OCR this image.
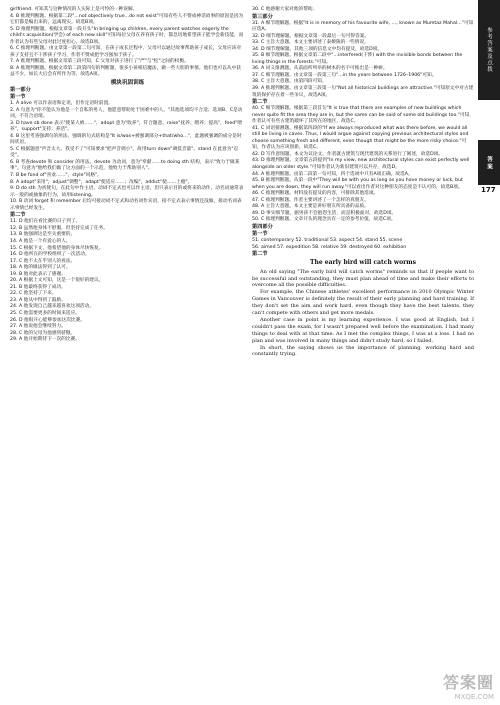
girlfriend. 可知其与这种情况的人实际上是可怜的一种误解。

4. B 推理判断题。根据第二段"...not objectively true...do not exist"可知有些人不赞成神话故事的原因是因为它们都是编出来的，远离现实。故选B项。

5. D 推理判断题。根据文章第一段开头"In bringing up children, every parent watches eagerly the child's acquisition(学会) of each new skill"可知每位父母在养育孩子时，都急切地希望孩子能学会新技能，而作者认为有些父母对此过度担心，故选D项。

6. C 推理判断题。由文章第一段第二句可知，在孩子成长过程中，父母可以通过故事帮助孩子成长，父母应该对孩子支持且不干涉孩子学习，作者不赞成把学习强加于孩子。

7. A 推理判断题。根据文章第三段可知，C 父母对孩子进行了"严"与"松"之间的权衡。

8. A 推理判断题。根据文章第二段第四句的判断题，很多小孩相信魔法，做一些大胆的事情。他们也可以从中获益不少，如长大后会有所作为等，故选A项。

模块巩固训练

第一部分

第一节

1. A alive 可以作表语和定语，但作定语时前置。

2. A 句意为"你不能认为他是一个自私的男人，他愿意帮助处于困难中的人。"其他选项均不合适；选项B、C是动词，不符合语境。

3. D have sb done 表示"使某人被……"。adopt 意为"收养"，符合题意。raise"抚养；喂养；提高"，feed"喂养"，support"支持；养活"。

4. B 这里考查强调句的用法，强调的句式结构是"It is/was+被强调部分+that/who…"，此题被强调的成分是时间状语。

5. C 根据题意"声音太大，我受不了"可知要求"把声音调小"，故用turn down"调低音量"。stand 在此意为"忍受"。

6. B 考查devote 和 consider 的用法。devote 为动词，意为"奉献……to doing sth 结构，表示"致力于做某事"。句意为"他给我们做了这方面的一个示范，他致力于帮助别人"。

7. B be fond of"喜欢……"，style"风格"。

8. A adopt"采用"，adjust"调整"，adapt"使适应……；改编"，addict"使……上瘾"。

9. D do sth 为祈使句，在此句中作主语，动词不定式也可以作主语，但只表示目的或将来的动作，动名词通常表示一般的或抽象的行为，故用listening。

10. B 动词 forget 和 remember 后均可接动词不定式和动名词作宾语，接不定式表示事情还没做，接动名词表示事情已经发生。

第二节

11. D 他们在看比赛的日子到了。

12. B 虽然他身体不舒服，但坚持完成了任务。

13. B 他强调这是至关重要的。

14. A 他是一个有爱心的人。

15. C 根据下文，他希望他的身体尽快恢复。

16. D 他所在的学校组织了一次活动。

17. C 他不太在乎别人的看法。

18. A 他的做法得到了认可。

19. B 他对此表示了感谢。

20. A 根据上文可知，这是一个很好的建议。

21. B 他最终获得了成功。

22. C 他坚持了下来。

23. A 他从中得到了鼓励。

24. A 他发现自己越来越喜欢这项活动。

25. C 他需要更多的时间来适应。

26. D 他很开心能够参加这次比赛。

27. A 他说他会继续努力。

28. C 他的父母为他感到骄傲。

29. A 他开始期待下一次的比赛。

30. C 他感谢大家对他的帮助。

第三部分

31. A 细节理解题。根据"It is in memory of his favourite wife, …, known as Mumtaz Mahal…"可知应选A。

32. D 细节理解题。根据文章第一段最后一句可得答案。

33. C 主旨大意题。本文主要讲述了泰姬陵的一些情况。

34. D 细节理解题。其他三项的信息文中均有提及，故选D项。

35. B 细节理解题。根据文章第二段中"…interfered(干涉) with the invisible bonds between the living things in the forests."可知。

36. A 词义推测题。从前面所列举的树木的名字可推出是一种树。

37. C 细节理解题。由文章第一段第三句"…in the years between 1726–1906"可知。

38. C 主旨大意题。由第四段可知。

39. A 推理判断题。由文章第三段第一句"Not all historical buildings are attractive."可知原文中对古建筑的保护存在着一些争议，故选A项。

第二节

40. C 细节理解题。根据第三段首句"It is true that there are examples of new buildings which never quite fit the area they are in, but the same can be said of some old buildings too."可知，作者认可有些古建筑破坏了其所在的地区，故选C。

41. C 词语猜测题。根据第四段的"If we always reproduced what was there before, we would all still be living in caves. Thus, I would argue against copying previous architectural styles and choose something fresh and different, even though that might be the more risky choice."可知，作者认为应该创新，故选C。

42. D 写作意图题。本文为议论文，作者就古建筑与现代建筑的关系进行了阐述，故选D项。

43. D 推理判断题。文章第五段提到"In my view, new architectural styles can exist perfectly well alongside an older style."可知作者认为新旧建筑可以共存，故选D。

44. A 推理判断题。由第二段第一句可知，四个选项中只有A项正确，故选A。

45. B 推理判断题。从第一段中"They will be with you as long as you have money or luck, but when you are down, they will run away."可以看出作者对这种朋友的态度是不认可的，故选B项。

46. C 推理判断题。材料没有提及的内容，可排除其他选项。

47. C 推理判断题。作者主要讲述了一个怎样的真朋友。

48. A 主旨大意题。本文主要是讲好朋友所具备的品质。

49. D 事实细节题。据男孩不会抱怨生活，而是积极面对，故选D项。

50. C 推理判断题。文章开头的理念具有一定的参考价值，故选C项。

第四部分

第一节

51. contemporary 52. traditional 53. aspect 54. stand 55. scene

56. aimed 57. expedition 58. relative 59. destroyed 60. exhibition

第二节

The early bird will catch worms

An old saying "The early bird will catch worms" reminds us that if people want to be successful and outstanding, they must plan ahead of time and make their efforts to overcome all the possible difficulties.

For example, the Chinese athletes' excellent performance in 2010 Olympic Winter Games in Vancouver is definitely the result of their early planning and hard training. If they don't set the aim and work hard, even though they have the best talents, they can't compete with others and get more medals.

Another case in point is my learning experience. I was good at English, but I couldn't pass the exam, for I wasn't prepared well before the examination. I had many things to deal with at that time. As I met the complex things, I was at a loss. I had no plan and was involved in many things and didn't study hard, so I failed.

In short, the saying shows us the importance of planning, working hard and constantly trying.

参考答案及点拨
答 案
177
答案圈
MXQE.COM
